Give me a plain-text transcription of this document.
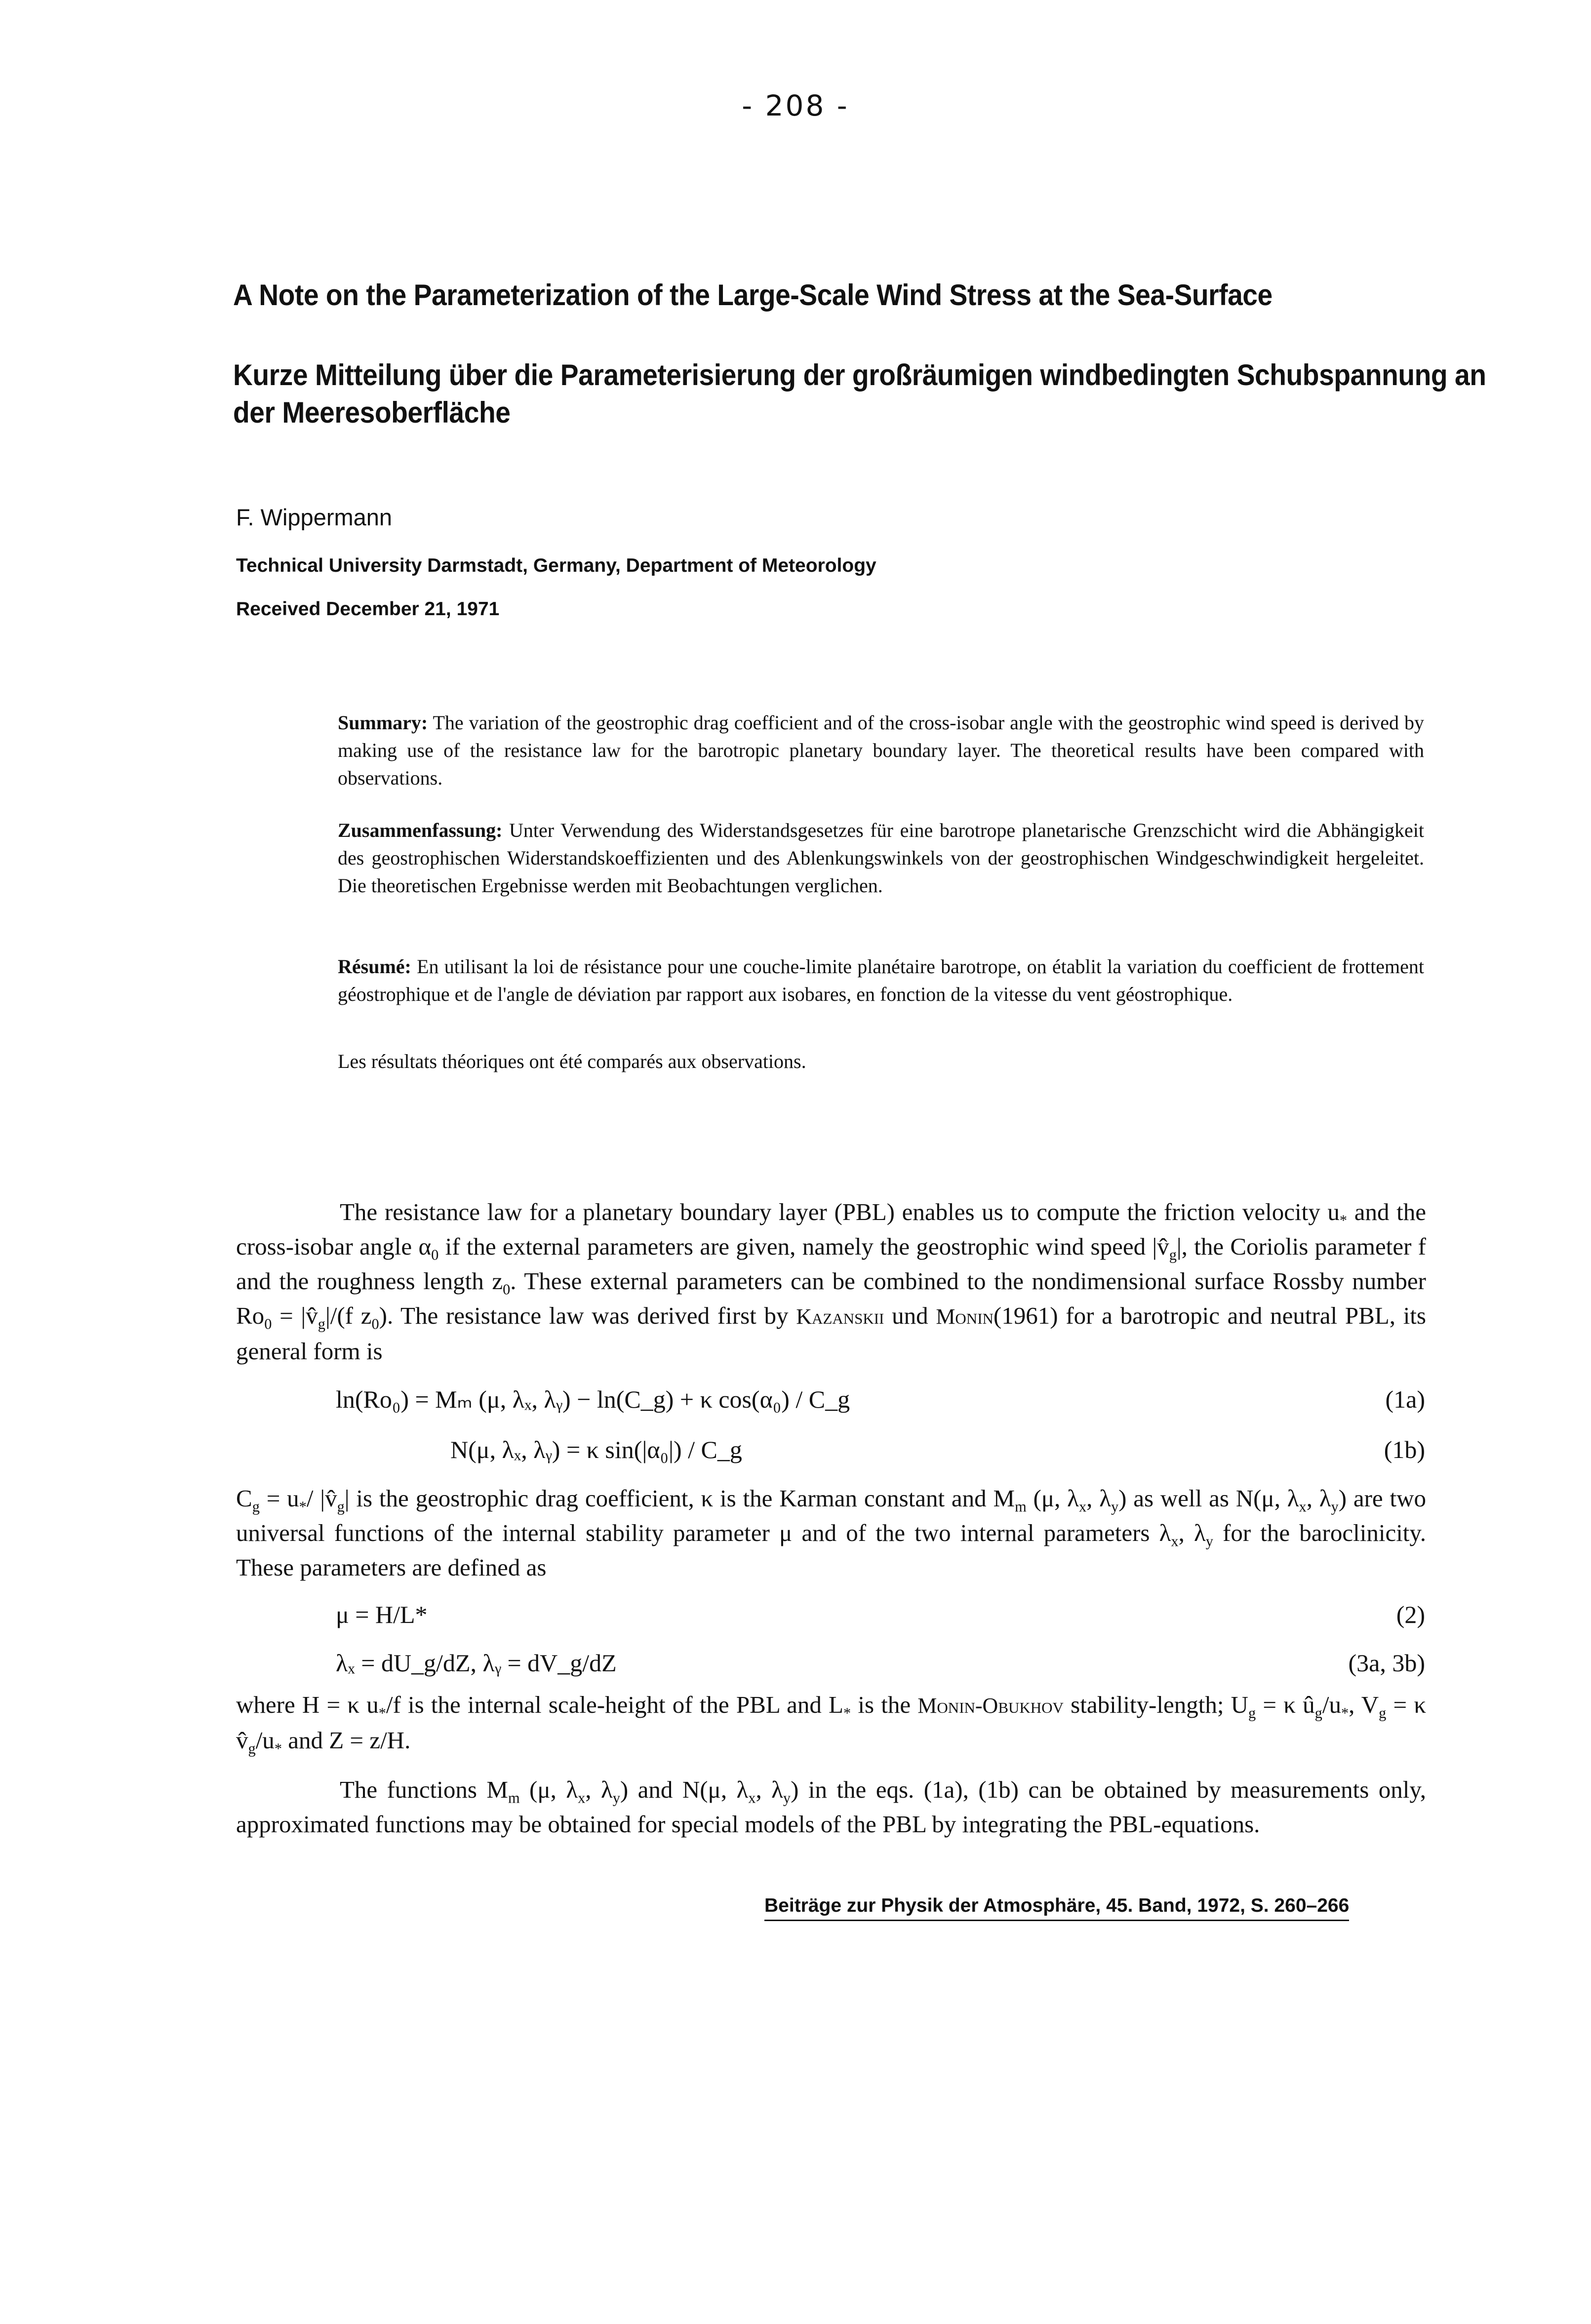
- 208 -
A Note on the Parameterization of the Large-Scale Wind Stress at the Sea-Surface
Kurze Mitteilung über die Parameterisierung der großräumigen windbedingten Schubspannung an der Meeresoberfläche
F. Wippermann
Technical University Darmstadt, Germany, Department of Meteorology
Received December 21, 1971
Summary: The variation of the geostrophic drag coefficient and of the cross-isobar angle with the geostrophic wind speed is derived by making use of the resistance law for the barotropic planetary boundary layer. The theoretical results have been compared with observations.
Zusammenfassung: Unter Verwendung des Widerstandsgesetzes für eine barotrope planetarische Grenzschicht wird die Abhängigkeit des geostrophischen Widerstandskoeffizienten und des Ablenkungswinkels von der geostrophischen Windgeschwindigkeit hergeleitet. Die theoretischen Ergebnisse werden mit Beobachtungen verglichen.
Résumé: En utilisant la loi de résistance pour une couche-limite planétaire barotrope, on établit la variation du coefficient de frottement géostrophique et de l'angle de déviation par rapport aux isobares, en fonction de la vitesse du vent géostrophique.
Les résultats théoriques ont été comparés aux observations.
The resistance law for a planetary boundary layer (PBL) enables us to compute the friction velocity $u_*$ and the cross-isobar angle $\alpha_0$ if the external parameters are given, namely the geostrophic wind speed $|v̂_g|$, the Coriolis parameter f and the roughness length $z_0$. These external parameters can be combined to the nondimensional surface Rossby number $Ro_0$ = $|v̂_g|/(f$ $z_0$). The resistance law was derived first by Kazanskii und Monin(1961) for a barotropic and neutral PBL, its general form is
ln(Ro₀) = Mₘ (μ, λₓ, λᵧ) − ln(C_g) + κ cos(α₀) / C_g	(1a)
N(μ, λₓ, λᵧ) = κ sin(|α₀|) / C_g	(1b)
$C_g = u_*/$ $|v̂_g|$ is the geostrophic drag coefficient, κ is the Karman constant and $M_m$ (μ, $\lambda_x$, $\lambda_y$) as well as N(μ, $\lambda_x$, $\lambda_y$) are two universal functions of the internal stability parameter μ and of the two internal parameters $\lambda_x$, $\lambda_y$ for the baroclinicity. These parameters are defined as
μ = H/L*	(2)
λₓ = dU_g/dZ, λᵧ = dV_g/dZ	(3a, 3b)
where H = κ $u_*/f$ is the internal scale-height of the PBL and $L_*$ is the Monin-Obukhov stability-length; $U_g = \kappa$ $û_g/u_*$, $V_g = \kappa$ $v̂_g/u_*$ and Z = z/H.
The functions $M_m$ (μ, $\lambda_x$, $\lambda_y$) and N(μ, $\lambda_x$, $\lambda_y$) in the eqs. (1a), (1b) can be obtained by measurements only, approximated functions may be obtained for special models of the PBL by integrating the PBL-equations.
Beiträge zur Physik der Atmosphäre, 45. Band, 1972, S. 260–266
